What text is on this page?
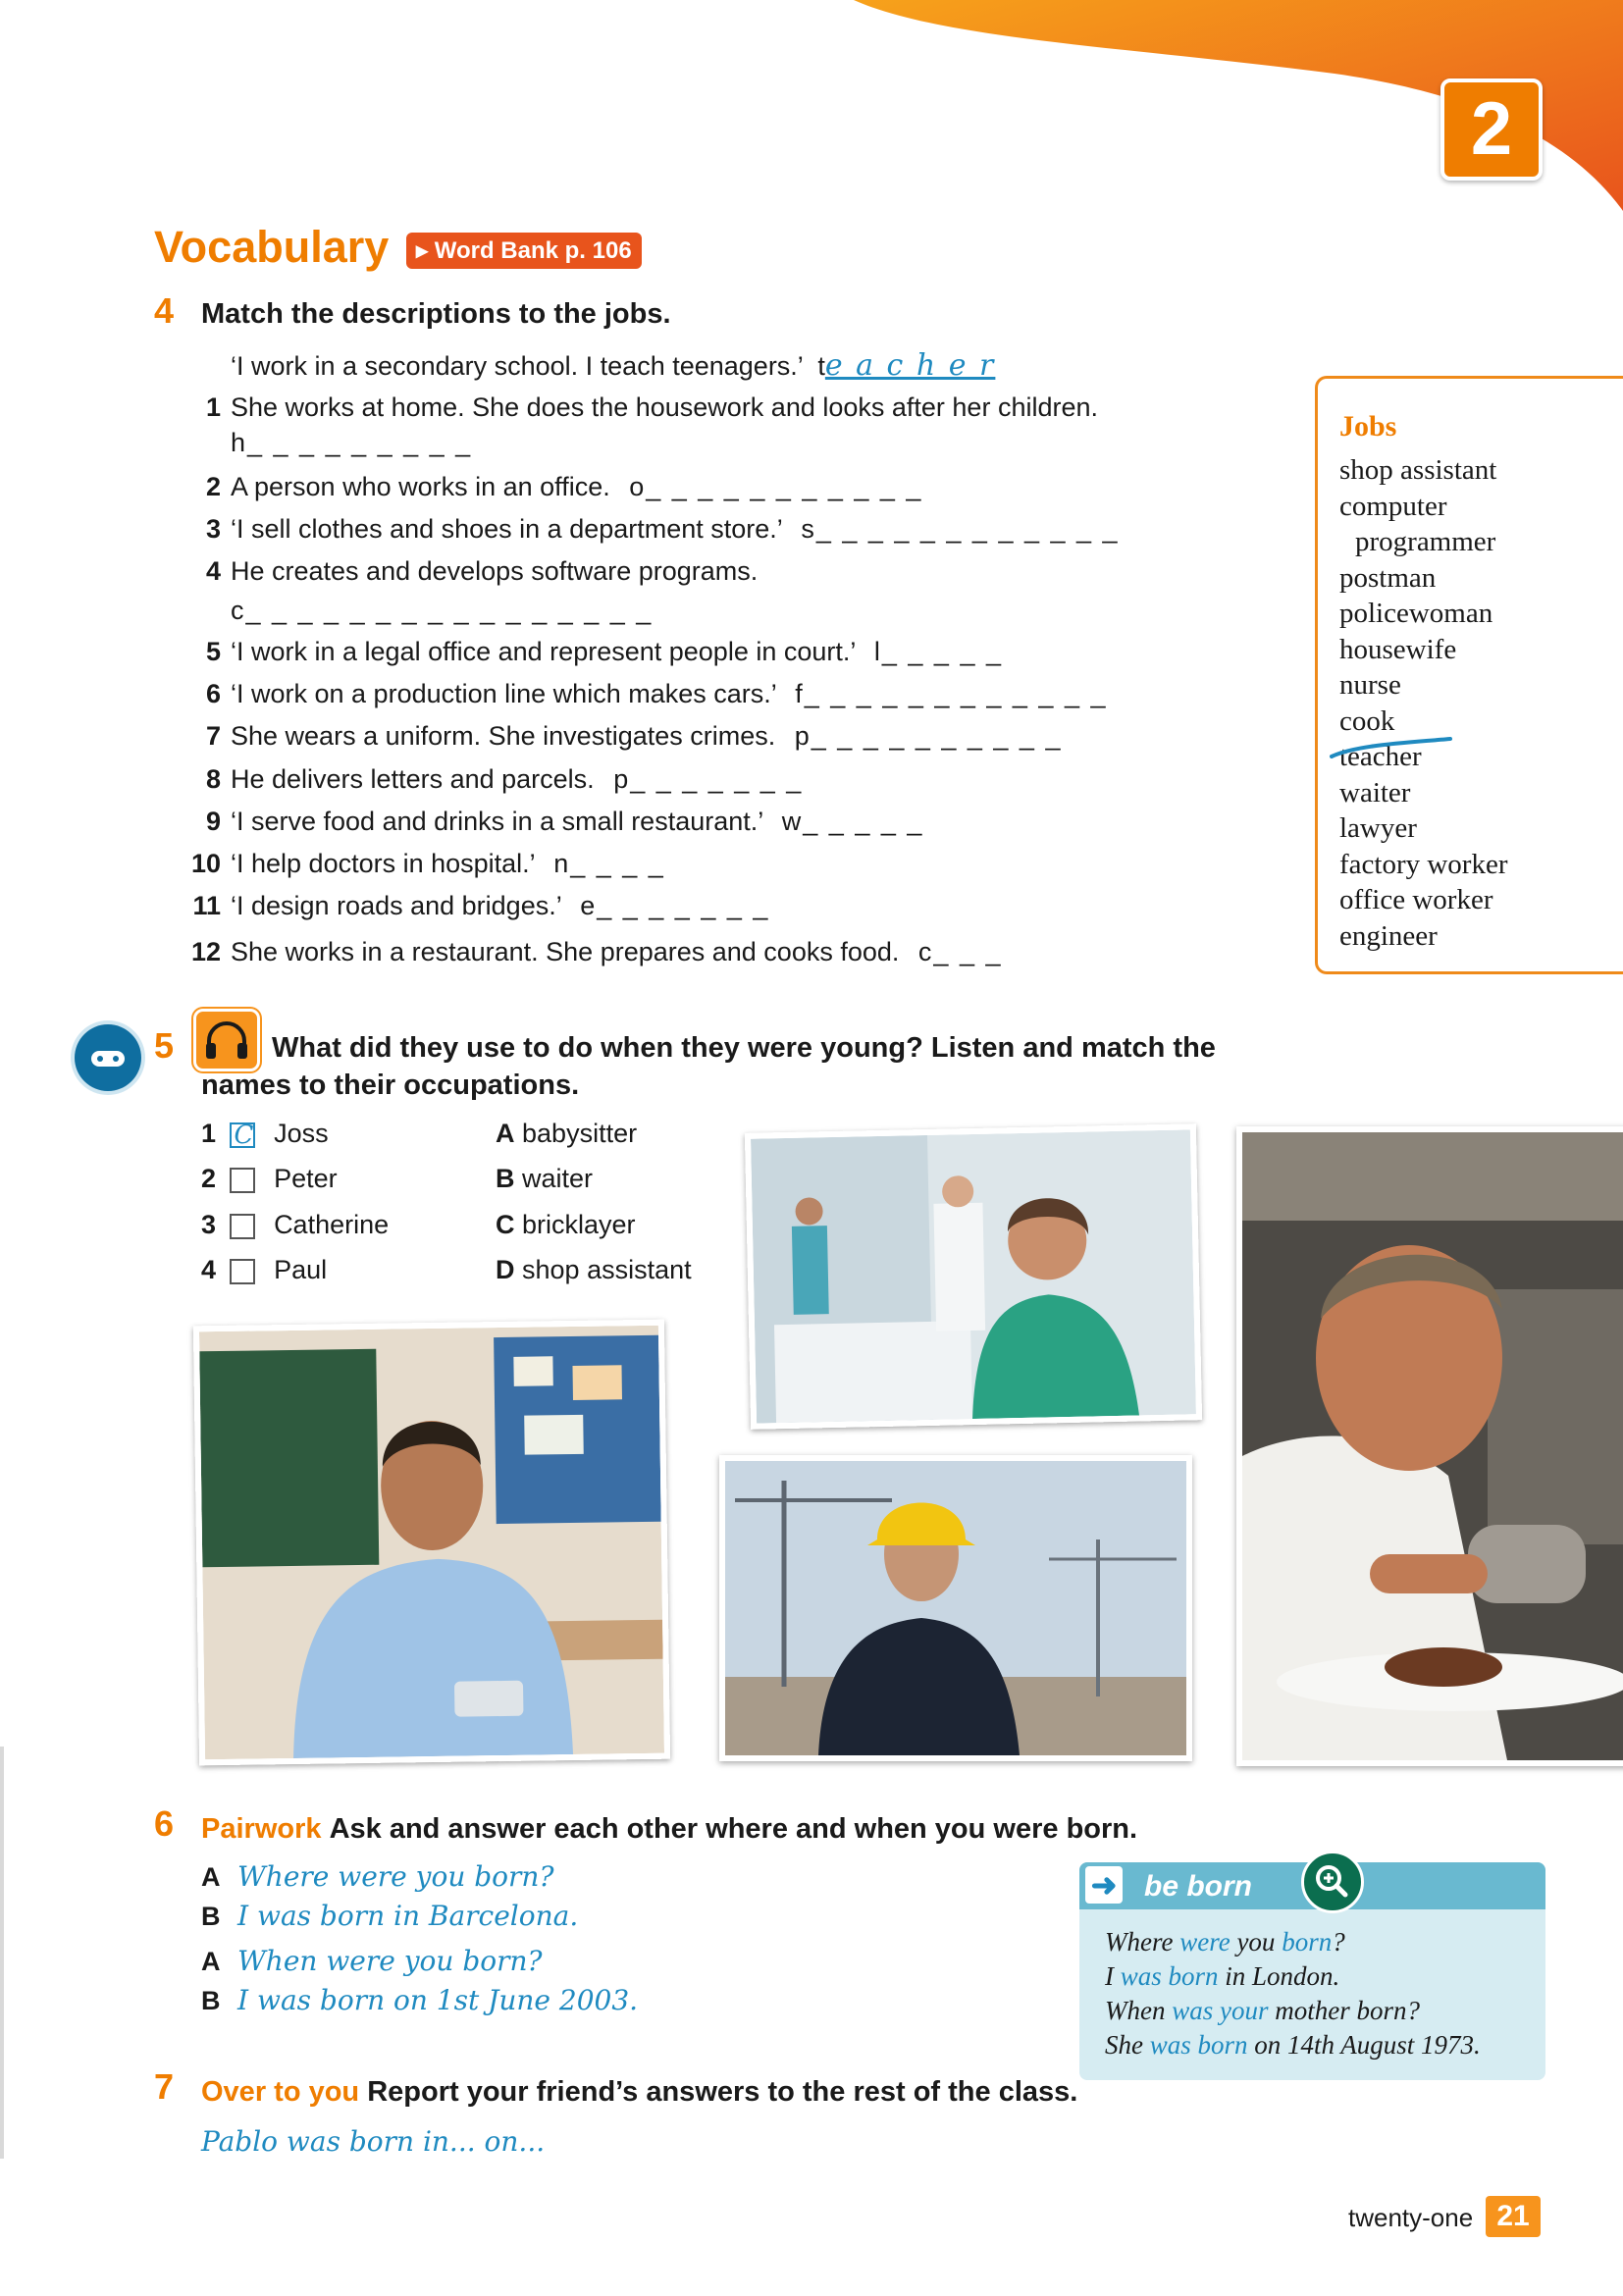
2
Vocabulary	▸ Word Bank p. 106
4 Match the descriptions to the jobs.
‘I work in a secondary school. I teach teenagers.’ te a c h e r
1 She works at home. She does the housework and looks after her children.
h_ _ _ _ _ _ _ _ _
2 A person who works in an office. o_ _ _ _ _ _ _ _ _ _ _
3 ‘I sell clothes and shoes in a department store.’ s_ _ _ _ _ _ _ _ _ _ _ _
4 He creates and develops software programs.
c_ _ _ _ _ _ _ _ _ _ _ _ _ _ _ _
5 ‘I work in a legal office and represent people in court.’ l_ _ _ _ _
6 ‘I work on a production line which makes cars.’ f_ _ _ _ _ _ _ _ _ _ _ _
7 She wears a uniform. She investigates crimes. p_ _ _ _ _ _ _ _ _ _
8 He delivers letters and parcels. p_ _ _ _ _ _ _
9 ‘I serve food and drinks in a small restaurant.’ w_ _ _ _ _
10 ‘I help doctors in hospital.’ n_ _ _ _
11 ‘I design roads and bridges.’ e_ _ _ _ _ _ _
12 She works in a restaurant. She prepares and cooks food. c_ _ _
Jobs
shop assistant
computer
programmer
postman
policewoman
housewife
nurse
cook
teacher
waiter
lawyer
factory worker
office worker
engineer
5	What did they use to do when they were young? Listen and match the
names to their occupations.
1 C Joss
2 Peter
3 Catherine
4 Paul
A babysitter
B waiter
C bricklayer
D shop assistant
6 Pairwork Ask and answer each other where and when you were born.
A Where were you born?
B I was born in Barcelona.
A When were you born?
B I was born on 1st June 2003.
➜ be born
Where were you born?
I was born in London.
When was your mother born?
She was born on 14th August 1973.
7 Over to you Report your friend’s answers to the rest of the class.
Pablo was born in... on...
twenty-one 21
